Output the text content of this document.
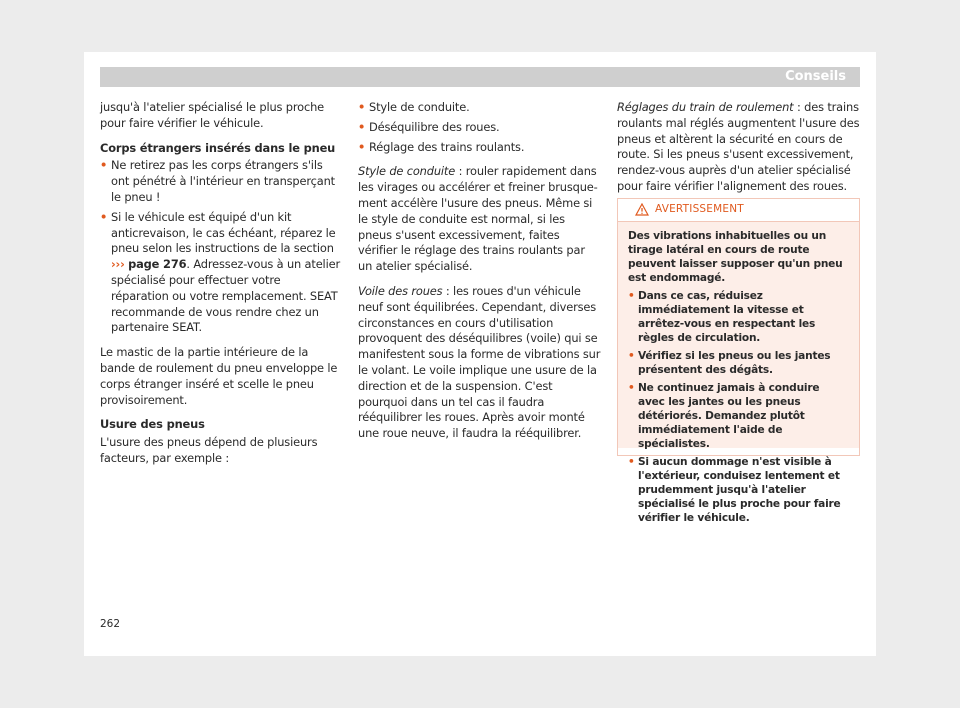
Conseils

jusqu'à l'atelier spécialisé le plus proche pour faire vérifier le véhicule.

Corps étrangers insérés dans le pneu

• Ne retirez pas les corps étrangers s'ils ont pénétré à l'intérieur en transperçant le pneu !
• Si le véhicule est équipé d'un kit anticrevaison, le cas échéant, réparez le pneu selon les instructions de la section ››› page 276. Adressez-vous à un atelier spécialisé pour effectuer votre réparation ou votre remplacement. SEAT recommande de vous rendre chez un partenaire SEAT.

Le mastic de la partie intérieure de la bande de roulement du pneu enveloppe le corps étranger inséré et scelle le pneu provisoirement.

Usure des pneus

L'usure des pneus dépend de plusieurs facteurs, par exemple :

• Style de conduite.
• Déséquilibre des roues.
• Réglage des trains roulants.

Style de conduite : rouler rapidement dans les virages ou accélérer et freiner brusquement accélère l'usure des pneus. Même si le style de conduite est normal, si les pneus s'usent excessivement, faites vérifier le réglage des trains roulants par un atelier spécialisé.

Voile des roues : les roues d'un véhicule neuf sont équilibrées. Cependant, diverses circonstances en cours d'utilisation provoquent des déséquilibres (voile) qui se manifestent sous la forme de vibrations sur le volant. Le voile implique une usure de la direction et de la suspension. C'est pourquoi dans un tel cas il faudra rééquilibrer les roues. Après avoir monté une roue neuve, il faudra la rééquilibrer.

Réglages du train de roulement : des trains roulants mal réglés augmentent l'usure des pneus et altèrent la sécurité en cours de route. Si les pneus s'usent excessivement, rendez-vous auprès d'un atelier spécialisé pour faire vérifier l'alignement des roues.

AVERTISSEMENT

Des vibrations inhabituelles ou un tirage latéral en cours de route peuvent laisser supposer qu'un pneu est endommagé.

• Dans ce cas, réduisez immédiatement la vitesse et arrêtez-vous en respectant les règles de circulation.
• Vérifiez si les pneus ou les jantes présentent des dégâts.
• Ne continuez jamais à conduire avec les jantes ou les pneus détériorés. Demandez plutôt immédiatement l'aide de spécialistes.
• Si aucun dommage n'est visible à l'extérieur, conduisez lentement et prudemment jusqu'à l'atelier spécialisé le plus proche pour faire vérifier le véhicule.
262
